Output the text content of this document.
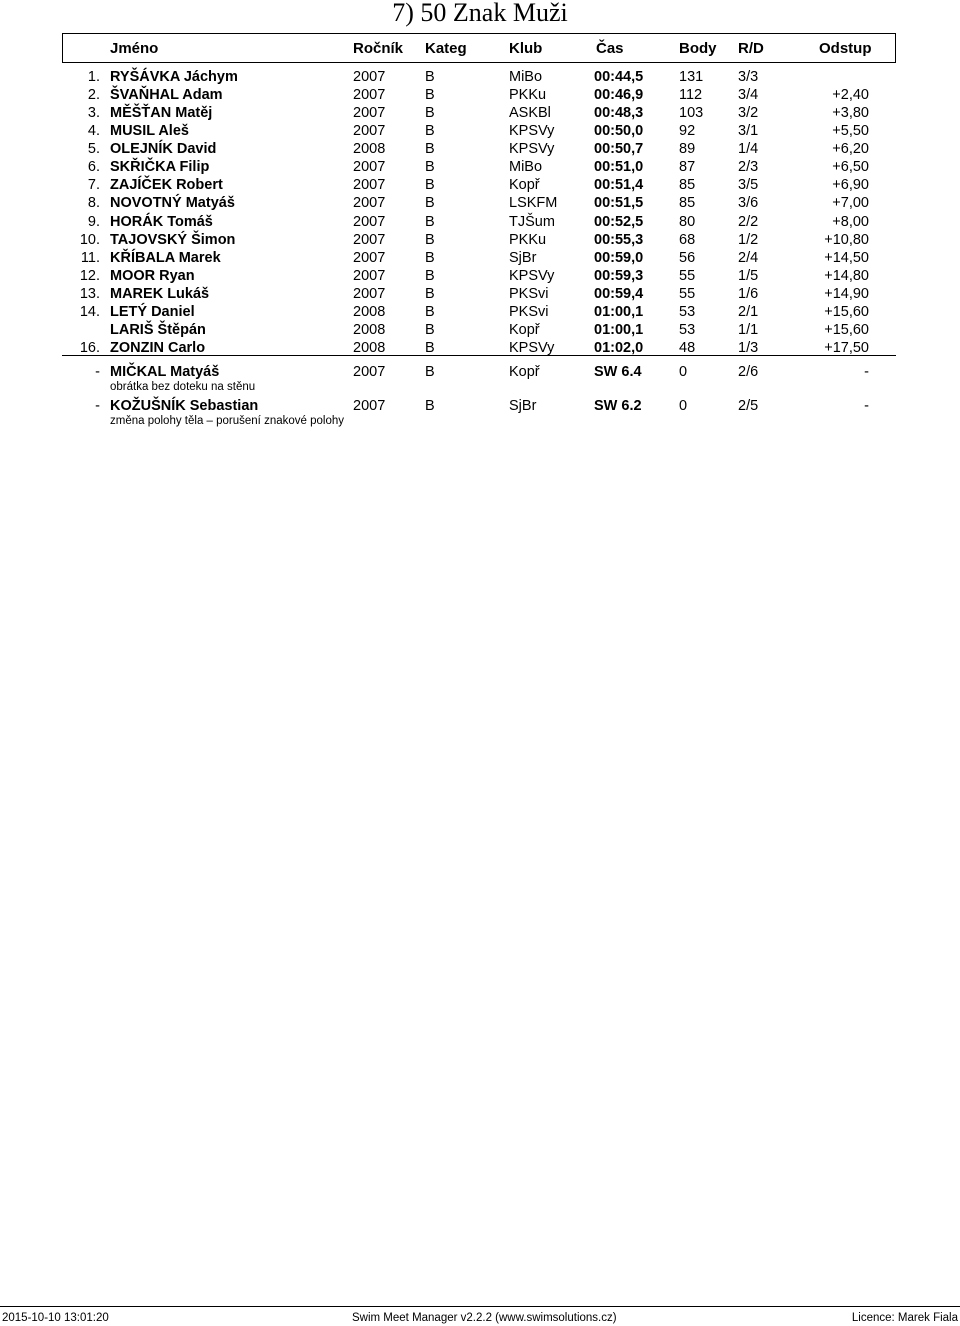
7) 50 Znak Muži
Jméno	Ročník Kateg	Klub	Čas	Body R/D	Odstup
1. RYŠÁVKA Jáchym	2007	B	MiBo	00:44,5 131 3/3
2. ŠVAŇHAL Adam	2007	B	PKKu	00:46,9 112 3/4	+2,40
3. MĚŠŤAN Matěj	2007	B	ASKBl	00:48,3 103 3/2	+3,80
4. MUSIL Aleš	2007	B	KPSVy	00:50,0 92	3/1	+5,50
5. OLEJNÍK David	2008	B	KPSVy	00:50,7 89	1/4	+6,20
6. SKŘIČKA Filip	2007	B	MiBo	00:51,0 87	2/3	+6,50
7. ZAJÍČEK Robert	2007	B	Kopř	00:51,4 85	3/5	+6,90
8. NOVOTNÝ Matyáš	2007	B	LSKFM	00:51,5 85	3/6	+7,00
9. HORÁK Tomáš	2007	B	TJŠum	00:52,5 80	2/2	+8,00
10. TAJOVSKÝ Šimon	2007	B	PKKu	00:55,3 68	1/2	+10,80
11. KŘÍBALA Marek	2007	B	SjBr	00:59,0 56	2/4	+14,50
12. MOOR Ryan	2007	B	KPSVy	00:59,3 55	1/5	+14,80
13. MAREK Lukáš	2007	B	PKSvi	00:59,4 55	1/6	+14,90
14. LETÝ Daniel	2008	B	PKSvi	01:00,1 53	2/1	+15,60
LARIŠ Štěpán	2008	B	Kopř	01:00,1 53	1/1	+15,60
16. ZONZIN Carlo	2008	B	KPSVy	01:02,0 48	1/3	+17,50
- MIČKAL Matyáš	2007	B	Kopř	SW 6.4	0	2/6	-
obrátka bez doteku na stěnu
- KOŽUŠNÍK Sebastian	2007	B	SjBr	SW 6.2	0	2/5	-
změna polohy těla – porušení znakové polohy
2015-10-10 13:01:20	Swim Meet Manager v2.2.2 (www.swimsolutions.cz)	Licence: Marek Fiala
